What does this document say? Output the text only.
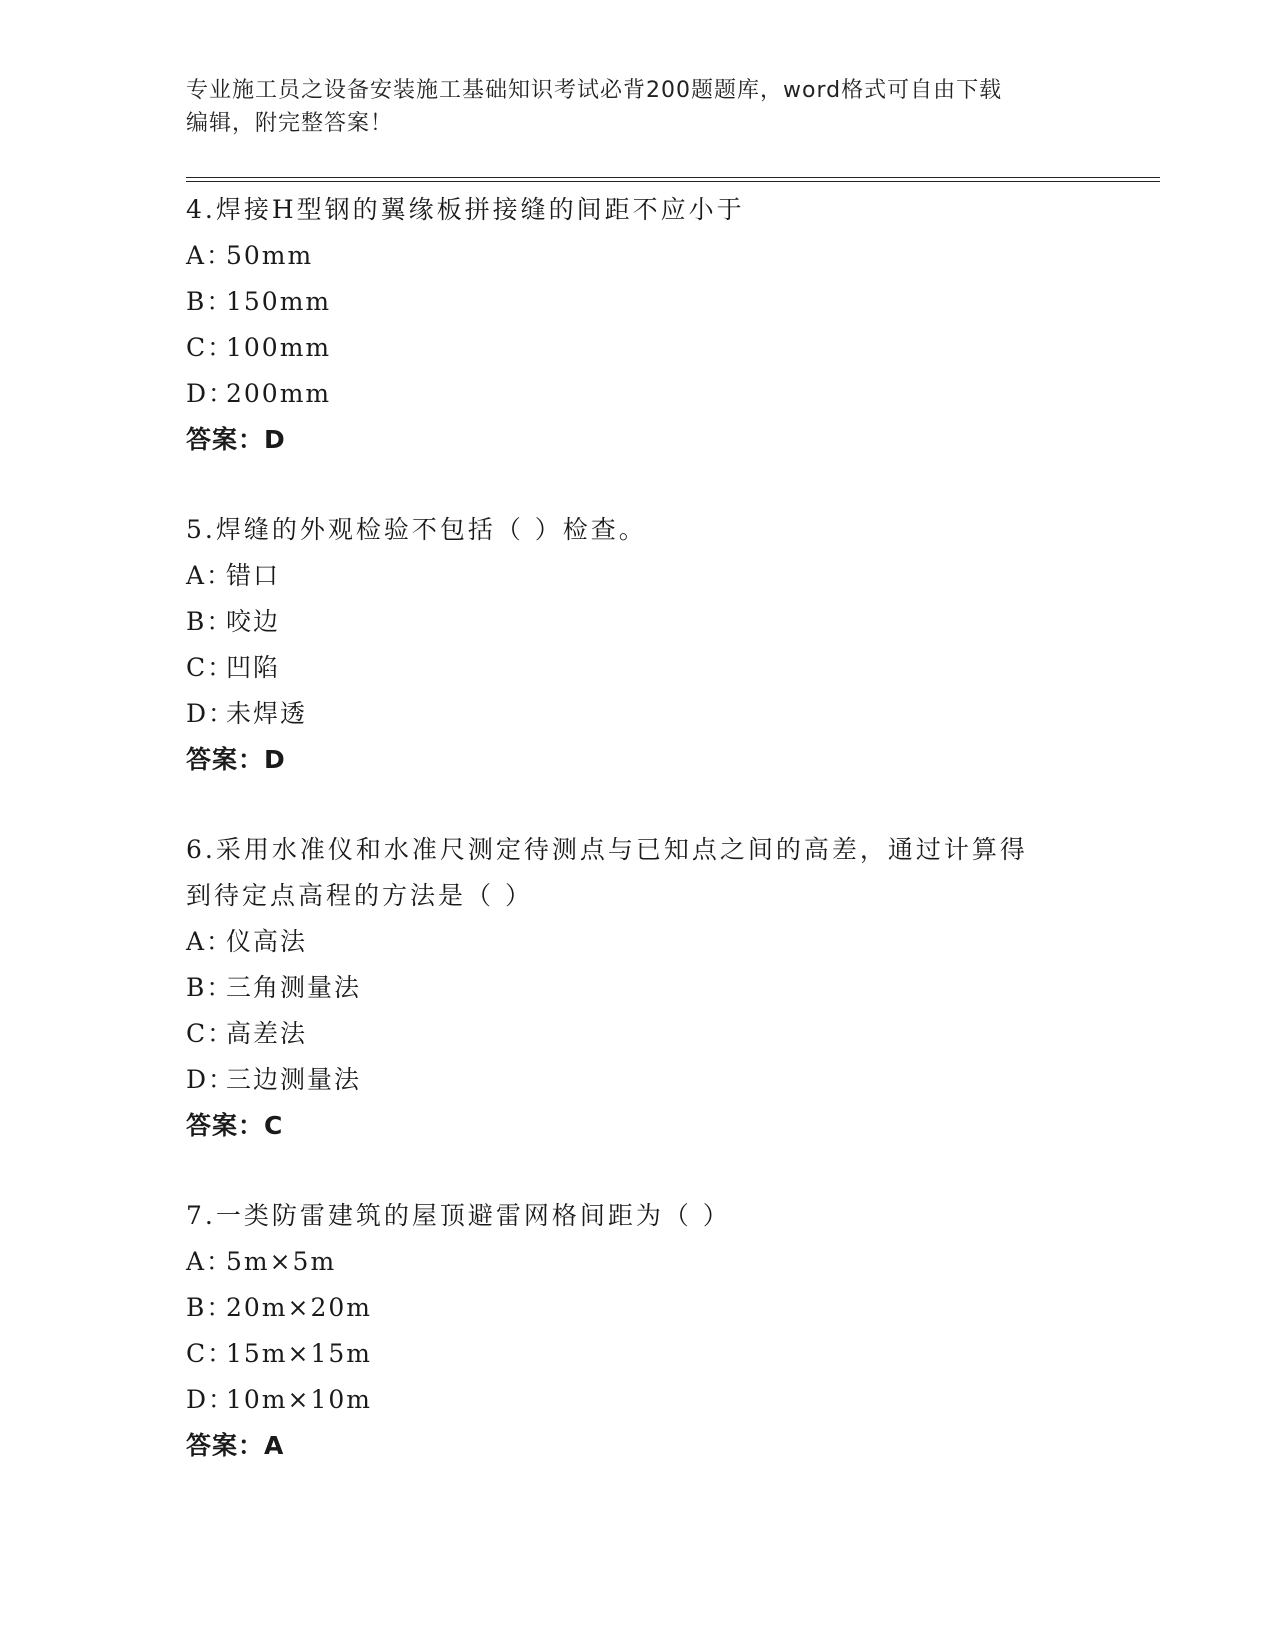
专业施工员之设备安装施工基础知识考试必背200题题库，word格式可自由下载
编辑，附完整答案！
4.焊接H型钢的翼缘板拼接缝的间距不应小于
A：50mm
B：150mm
C：100mm
D：200mm
答案：D
5.焊缝的外观检验不包括（ ）检查。
A：错口
B：咬边
C：凹陷
D：未焊透
答案：D
6.采用水准仪和水准尺测定待测点与已知点之间的高差，通过计算得
到待定点高程的方法是（ ）
A：仪高法
B：三角测量法
C：高差法
D：三边测量法
答案：C
7.一类防雷建筑的屋顶避雷网格间距为（ ）
A：5m×5m
B：20m×20m
C：15m×15m
D：10m×10m
答案：A
